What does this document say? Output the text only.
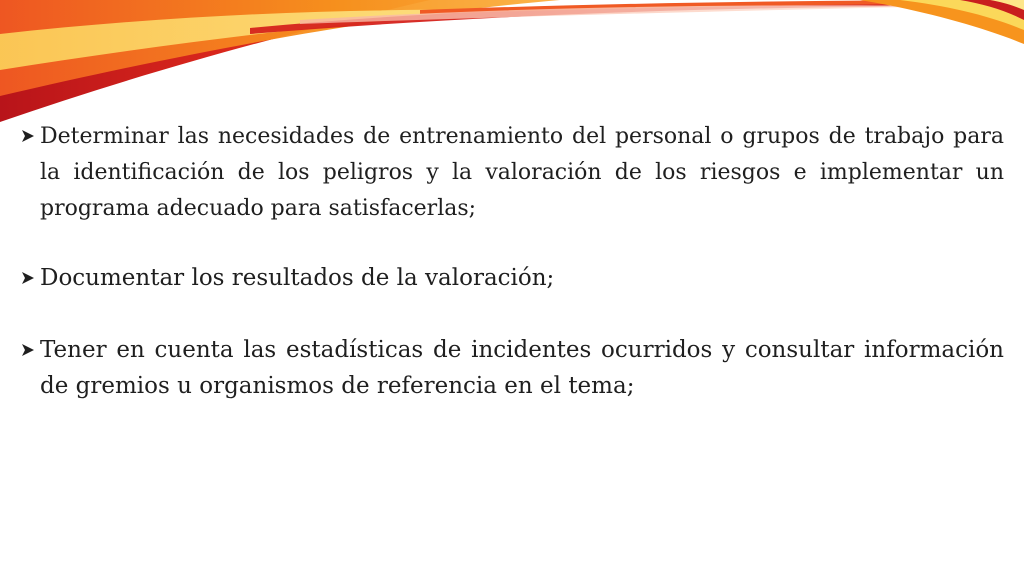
Determinar las necesidades de entrenamiento del personal o grupos de trabajo para la identificación de los peligros y la valoración de los riesgos e implementar un programa adecuado para satisfacerlas;
Documentar los resultados de la valoración;
Tener en cuenta las estadísticas de incidentes ocurridos y consultar información de gremios u organismos de referencia en el tema;
